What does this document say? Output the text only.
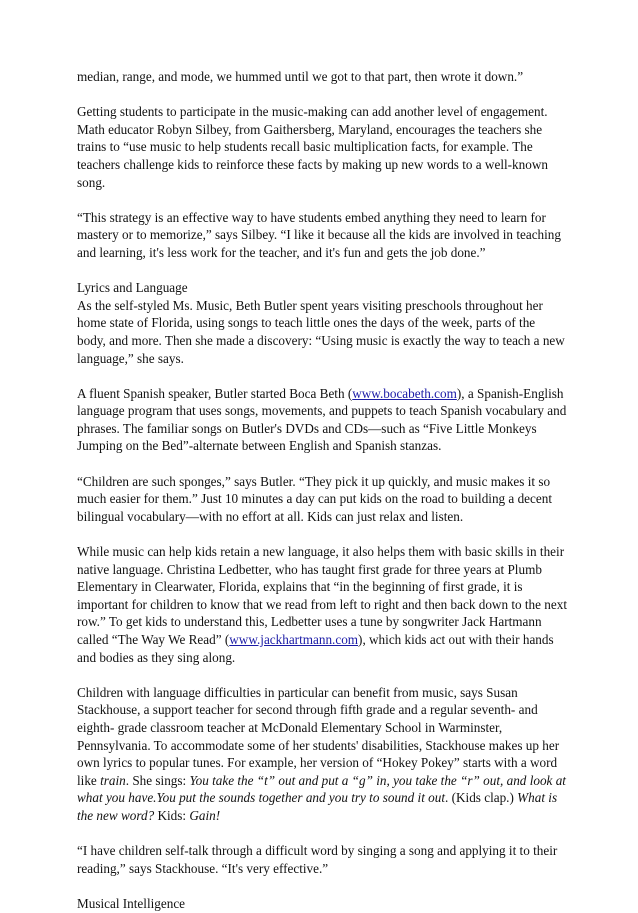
median, range, and mode, we hummed until we got to that part, then wrote it down.”

Getting students to participate in the music-making can add another level of engagement. Math educator Robyn Silbey, from Gaithersberg, Maryland, encourages the teachers she trains to “use music to help students recall basic multiplication facts, for example. The teachers challenge kids to reinforce these facts by making up new words to a well-known song.

“This strategy is an effective way to have students embed anything they need to learn for mastery or to memorize,” says Silbey. “I like it because all the kids are involved in teaching and learning, it's less work for the teacher, and it's fun and gets the job done.”

Lyrics and Language

As the self-styled Ms. Music, Beth Butler spent years visiting preschools throughout her home state of Florida, using songs to teach little ones the days of the week, parts of the body, and more. Then she made a discovery: “Using music is exactly the way to teach a new language,” she says.

A fluent Spanish speaker, Butler started Boca Beth (www.bocabeth.com), a Spanish-English language program that uses songs, movements, and puppets to teach Spanish vocabulary and phrases. The familiar songs on Butler's DVDs and CDs—such as “Five Little Monkeys Jumping on the Bed”-alternate between English and Spanish stanzas.

“Children are such sponges,” says Butler. “They pick it up quickly, and music makes it so much easier for them.” Just 10 minutes a day can put kids on the road to building a decent bilingual vocabulary—with no effort at all. Kids can just relax and listen.

While music can help kids retain a new language, it also helps them with basic skills in their native language. Christina Ledbetter, who has taught first grade for three years at Plumb Elementary in Clearwater, Florida, explains that “in the beginning of first grade, it is important for children to know that we read from left to right and then back down to the next row.” To get kids to understand this, Ledbetter uses a tune by songwriter Jack Hartmann called “The Way We Read” (www.jackhartmann.com), which kids act out with their hands and bodies as they sing along.

Children with language difficulties in particular can benefit from music, says Susan Stackhouse, a support teacher for second through fifth grade and a regular seventh- and eighth- grade classroom teacher at McDonald Elementary School in Warminster, Pennsylvania. To accommodate some of her students' disabilities, Stackhouse makes up her own lyrics to popular tunes. For example, her version of “Hokey Pokey” starts with a word like train. She sings: You take the “t” out and put a “g” in, you take the “r” out, and look at what you have.You put the sounds together and you try to sound it out. (Kids clap.) What is the new word? Kids: Gain!

“I have children self-talk through a difficult word by singing a song and applying it to their reading,” says Stackhouse. “It's very effective.”

Musical Intelligence
